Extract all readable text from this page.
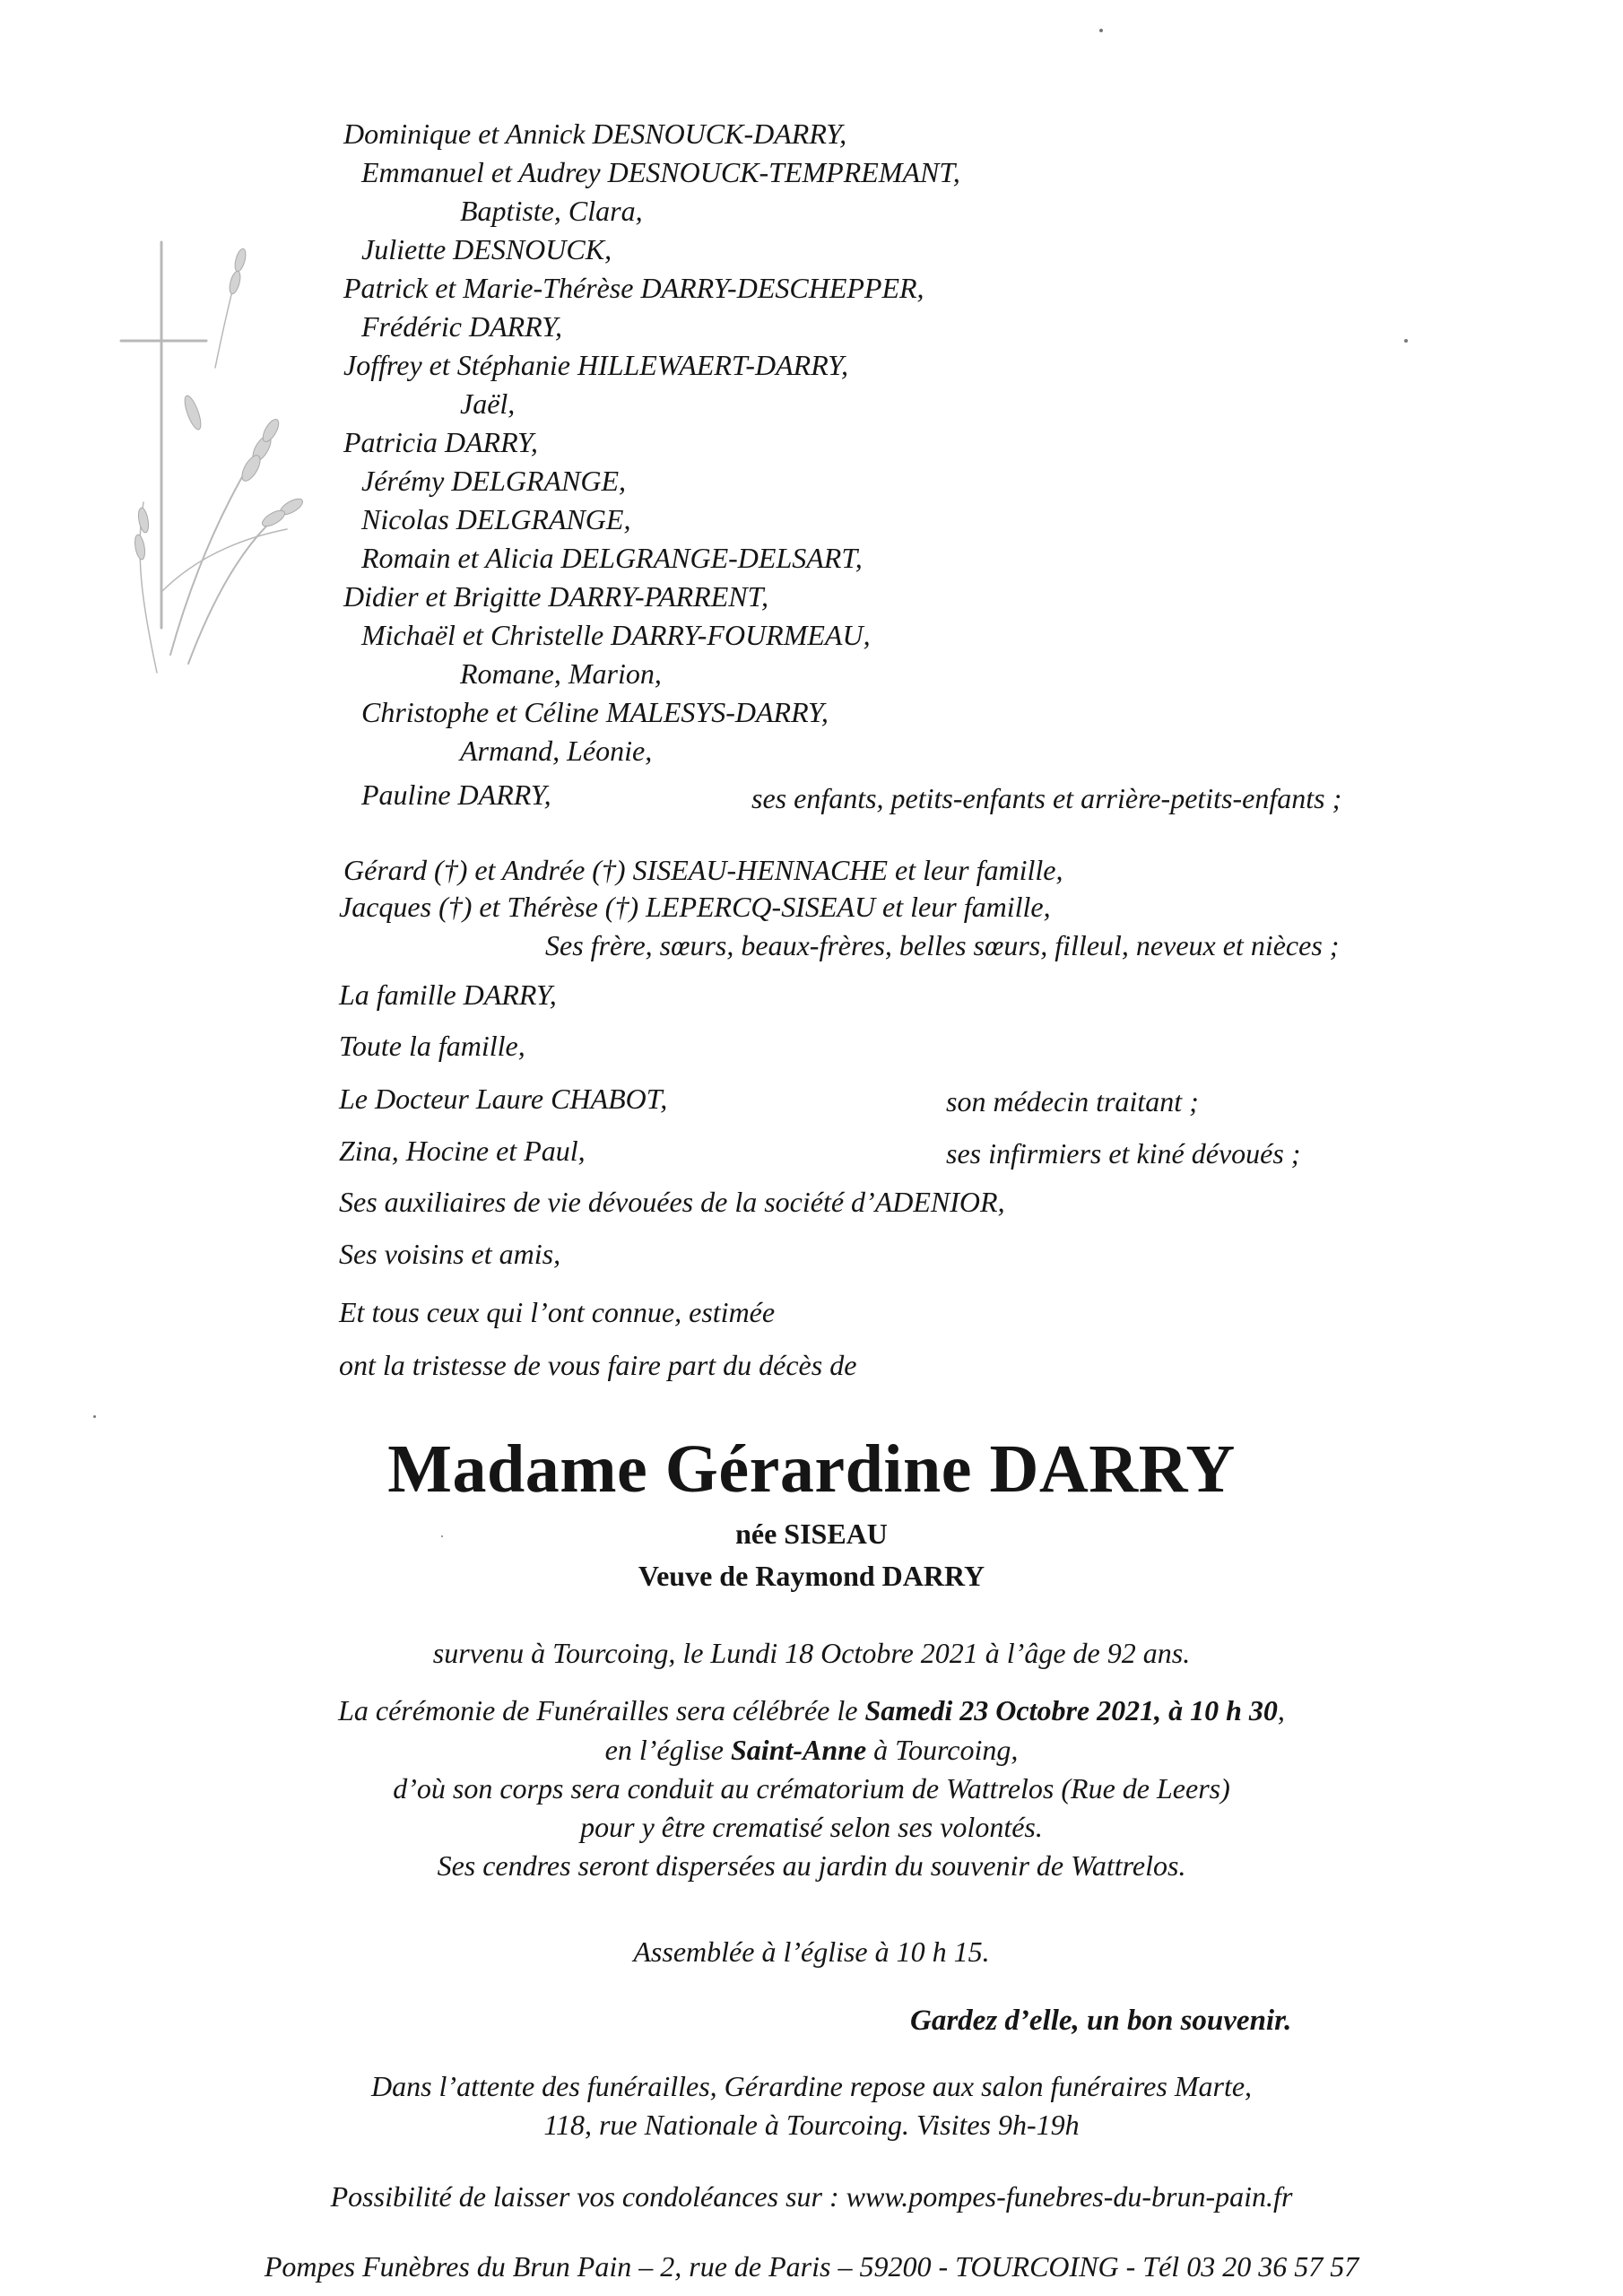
Dominique et Annick DESNOUCK-DARRY,
Emmanuel et Audrey DESNOUCK-TEMPREMANT,
Baptiste, Clara,
Juliette DESNOUCK,
Patrick et Marie-Thérèse DARRY-DESCHEPPER,
Frédéric DARRY,
Joffrey et Stéphanie HILLEWAERT-DARRY,
Jaël,
Patricia DARRY,
Jérémy DELGRANGE,
Nicolas DELGRANGE,
Romain et Alicia DELGRANGE-DELSART,
Didier et Brigitte DARRY-PARRENT,
Michaël et Christelle DARRY-FOURMEAU,
Romane, Marion,
Christophe et Céline MALESYS-DARRY,
Armand, Léonie,
Pauline DARRY,	ses enfants, petits-enfants et arrière-petits-enfants ;
Gérard (†) et Andrée (†) SISEAU-HENNACHE et leur famille,
Jacques (†) et Thérèse (†) LEPERCQ-SISEAU et leur famille,
Ses frère, sœurs, beaux-frères, belles sœurs, filleul, neveux et nièces ;
La famille DARRY,
Toute la famille,
Le Docteur Laure CHABOT,	son médecin traitant ;
Zina, Hocine et Paul,	ses infirmiers et kiné dévoués ;
Ses auxiliaires de vie dévouées de la société d’ADENIOR,
Ses voisins et amis,
Et tous ceux qui l’ont connue, estimée
ont la tristesse de vous faire part du décès de
Madame Gérardine DARRY
née SISEAU
Veuve de Raymond DARRY
survenu à Tourcoing, le Lundi 18 Octobre 2021 à l’âge de 92 ans.
La cérémonie de Funérailles sera célébrée le Samedi 23 Octobre 2021, à 10 h 30,
en l’église Saint-Anne à Tourcoing,
d’où son corps sera conduit au crématorium de Wattrelos (Rue de Leers)
pour y être crematisé selon ses volontés.
Ses cendres seront dispersées au jardin du souvenir de Wattrelos.
Assemblée à l’église à 10 h 15.
Gardez d’elle, un bon souvenir.
Dans l’attente des funérailles, Gérardine repose aux salon funéraires Marte,
118, rue Nationale à Tourcoing. Visites 9h-19h
Possibilité de laisser vos condoléances sur : www.pompes-funebres-du-brun-pain.fr
Pompes Funèbres du Brun Pain – 2, rue de Paris – 59200 - TOURCOING - Tél 03 20 36 57 57
